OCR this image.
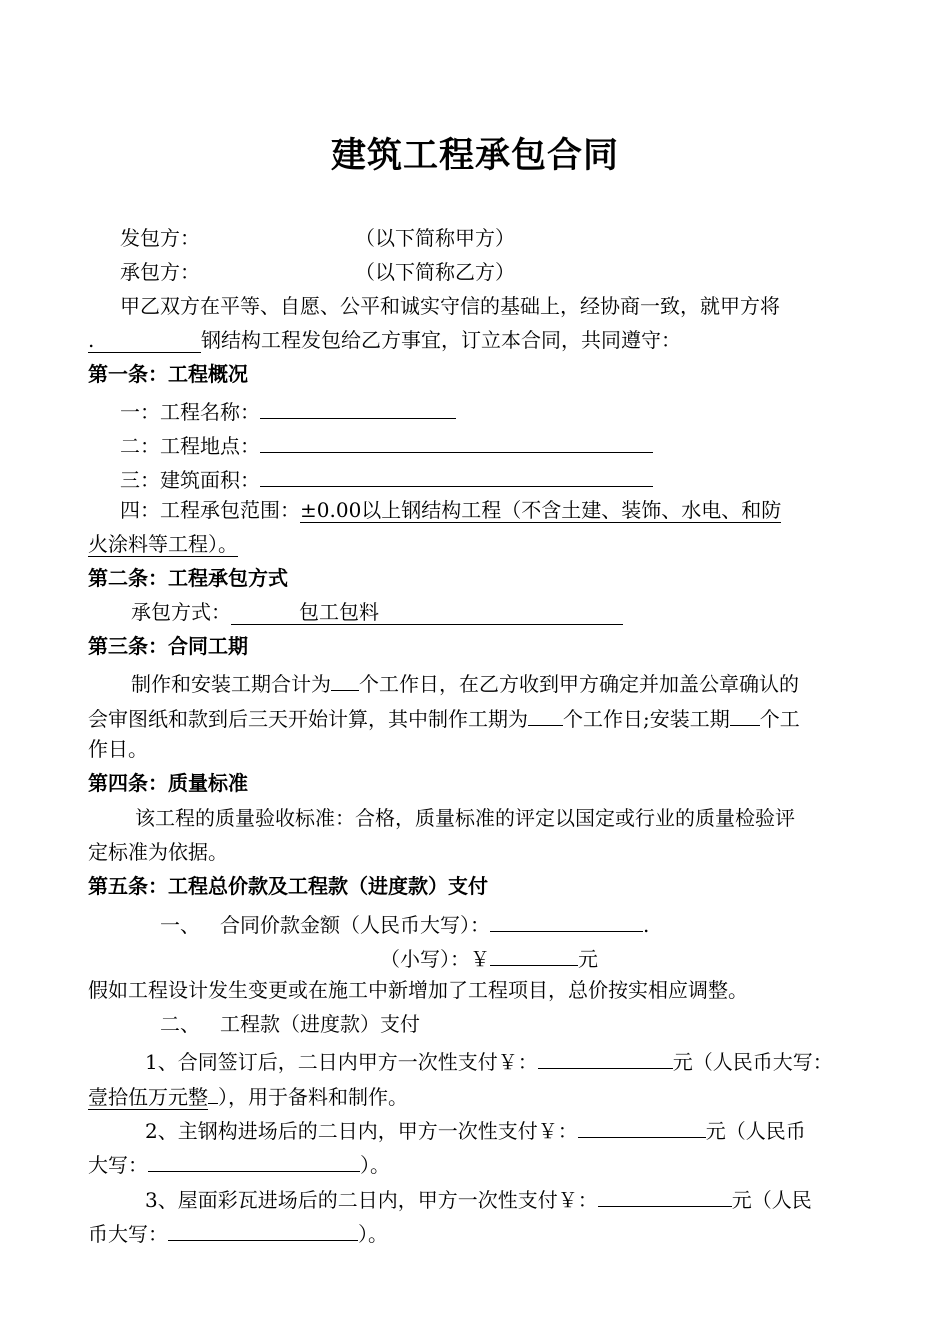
建筑工程承包合同
发包方：	（以下简称甲方）
承包方：	（以下简称乙方）
甲乙双方在平等、自愿、公平和诚实守信的基础上，经协商一致，就甲方将
.	钢结构工程发包给乙方事宜，订立本合同，共同遵守：
第一条：工程概况
一：工程名称：
二：工程地点：
三：建筑面积：
四：工程承包范围：±0.00以上钢结构工程（不含土建、装饰、水电、和防
火涂料等工程）。
第二条：工程承包方式
承包方式：	包工包料
第三条：合同工期
制作和安装工期合计为 个工作日，在乙方收到甲方确定并加盖公章确认的
会审图纸和款到后三天开始计算，其中制作工期为 个工作日;安装工期 个工
作日。
第四条：质量标准
该工程的质量验收标准：合格，质量标准的评定以国定或行业的质量检验评
定标准为依据。
第五条：工程总价款及工程款（进度款）支付
一、 合同价款金额（人民币大写）：	.
（小写）：￥	元
假如工程设计发生变更或在施工中新增加了工程项目，总价按实相应调整。
二、 工程款（进度款）支付
1、合同签订后，二日内甲方一次性支付￥：	元（人民币大写：
壹拾伍万元整 ），用于备料和制作。
2、主钢构进场后的二日内，甲方一次性支付￥：	元（人民币
大写：	）。
3、屋面彩瓦进场后的二日内，甲方一次性支付￥：	元（人民
币大写：	）。
